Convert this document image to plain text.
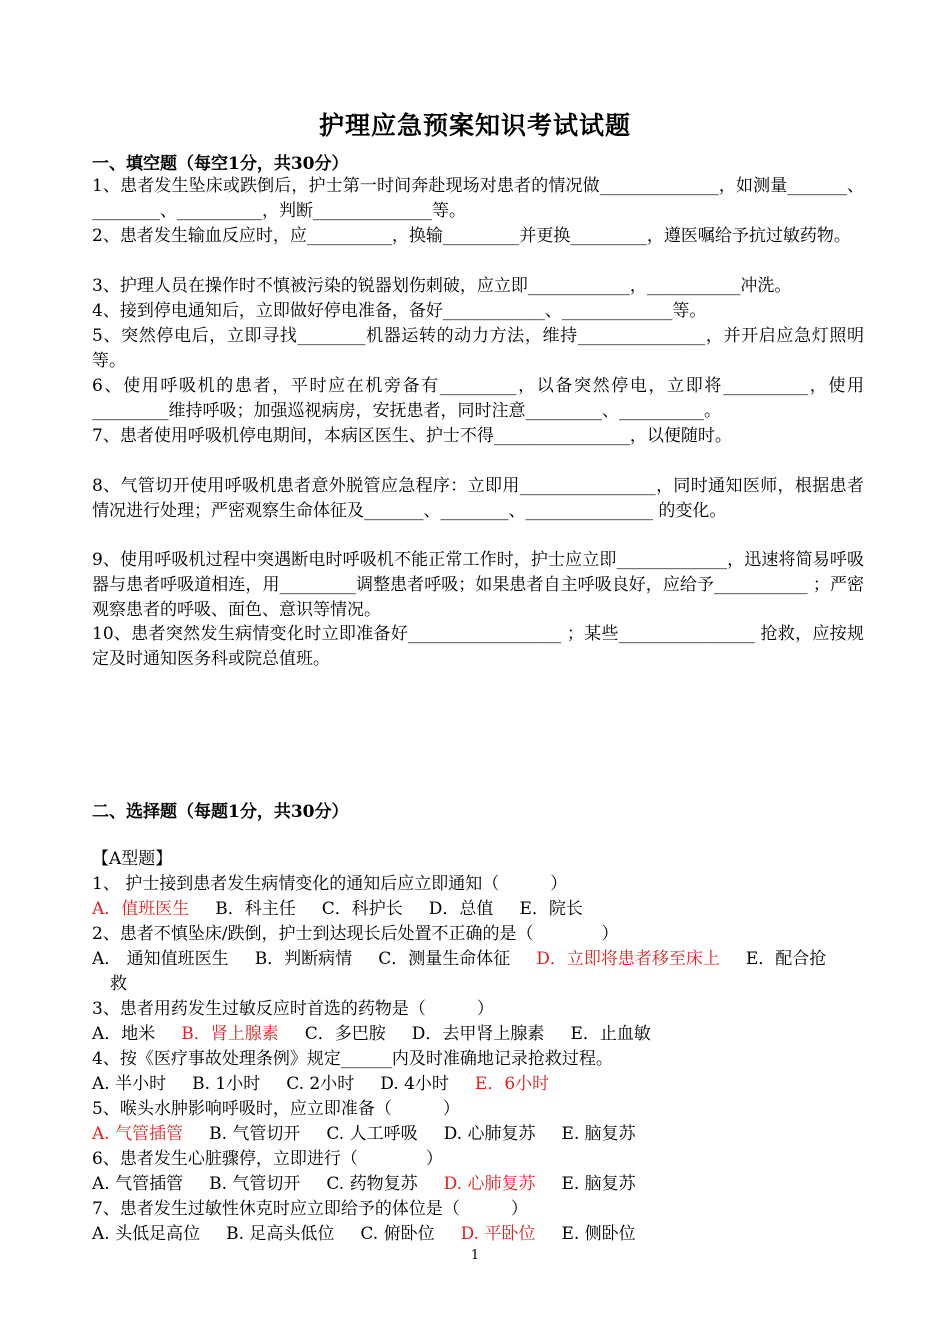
护理应急预案知识考试试题
一、填空题（每空1分，共30分）
1、患者发生坠床或跌倒后，护士第一时间奔赴现场对患者的情况做______________，如测量_______、________、__________，判断______________等。
2、患者发生输血反应时，应__________，换输_________并更换_________，遵医嘱给予抗过敏药物。
3、护理人员在操作时不慎被污染的锐器划伤刺破，应立即____________，___________冲洗。
4、接到停电通知后，立即做好停电准备，备好____________、_____________等。
5、突然停电后，立即寻找________机器运转的动力方法，维持_______________，并开启应急灯照明等。
6、使用呼吸机的患者，平时应在机旁备有_________，以备突然停电，立即将__________，使用_________维持呼吸；加强巡视病房，安抚患者，同时注意_________、__________。
7、患者使用呼吸机停电期间，本病区医生、护士不得________________，以便随时。
8、气管切开使用呼吸机患者意外脱管应急程序：立即用________________，同时通知医师，根据患者情况进行处理；严密观察生命体征及_______、________、_______________ 的变化。
9、使用呼吸机过程中突遇断电时呼吸机不能正常工作时，护士应立即_____________，迅速将简易呼吸器与患者呼吸道相连，用_________调整患者呼吸；如果患者自主呼吸良好，应给予___________ ；严密观察患者的呼吸、面色、意识等情况。
10、患者突然发生病情变化时立即准备好__________________ ；某些________________ 抢救，应按规定及时通知医务科或院总值班。
二、选择题（每题1分，共30分）
【A型题】
1、 护士接到患者发生病情变化的通知后应立即通知（　　　）
A．值班医生 B．科主任 C．科护长 D．总值 E．院长
2、患者不慎坠床/跌倒，护士到达现长后处置不正确的是（　　　　）
A． 通知值班医生 B．判断病情 C．测量生命体征 D．立即将患者移至床上 E．配合抢
救
3、患者用药发生过敏反应时首选的药物是（　　　）
A．地米 B．肾上腺素 C．多巴胺 D．去甲肾上腺素 E．止血敏
4、按《医疗事故处理条例》规定______内及时准确地记录抢救过程。
A. 半小时 B. 1小时 C. 2小时 D. 4小时 E．6小时
5、喉头水肿影响呼吸时，应立即准备（　　　）
A. 气管插管 B. 气管切开 C. 人工呼吸 D. 心肺复苏 E. 脑复苏
6、患者发生心脏骤停，立即进行（　　　　）
A. 气管插管 B. 气管切开 C. 药物复苏 D. 心肺复苏 E. 脑复苏
7、患者发生过敏性休克时应立即给予的体位是（　　　）
A. 头低足高位 B. 足高头低位 C. 俯卧位 D. 平卧位 E. 侧卧位
1
